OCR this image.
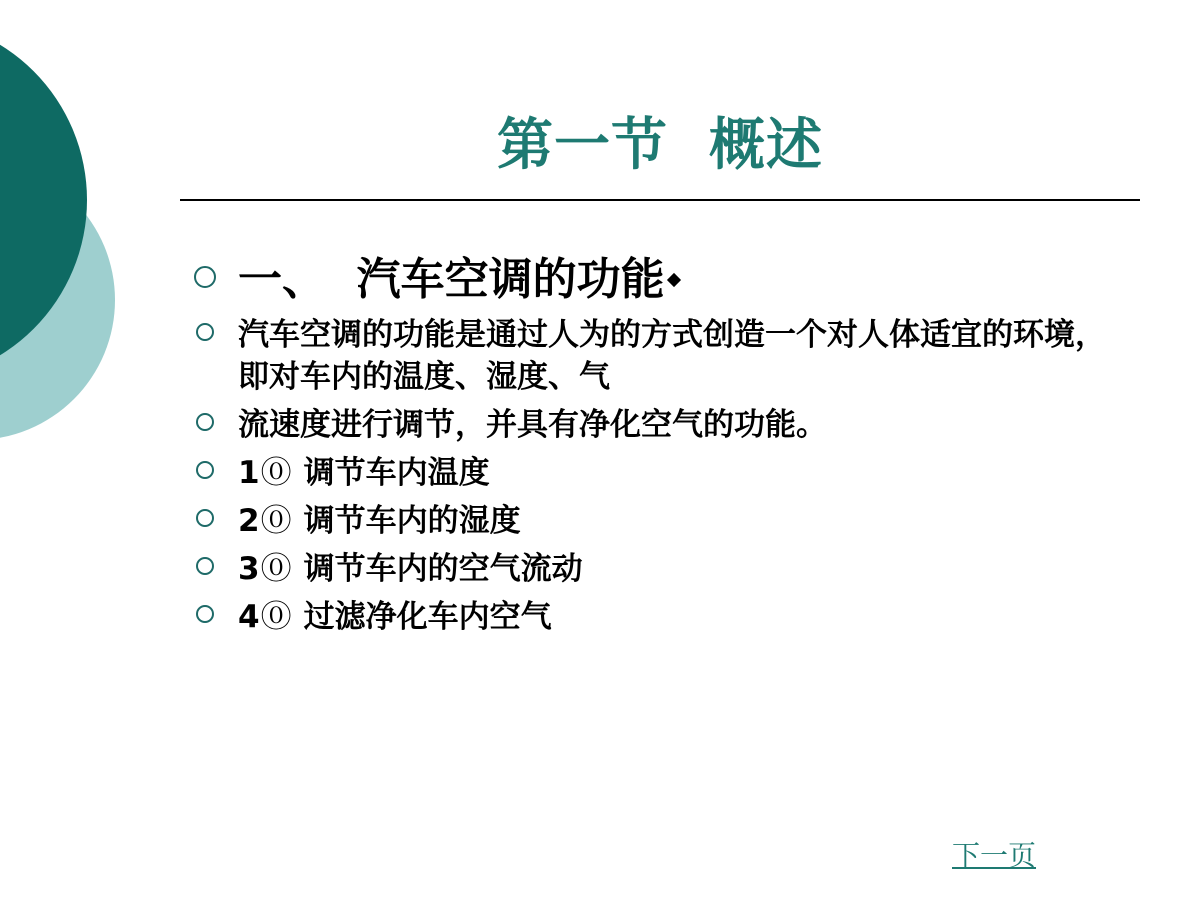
第一节  概述
一、  汽车空调的功能
汽车空调的功能是通过人为的方式创造一个对人体适宜的环境，即对车内的温度、湿度、气
流速度进行调节，并具有净化空气的功能。
1⓪ 调节车内温度
2⓪ 调节车内的湿度
3⓪ 调节车内的空气流动
4⓪ 过滤净化车内空气
下一页
